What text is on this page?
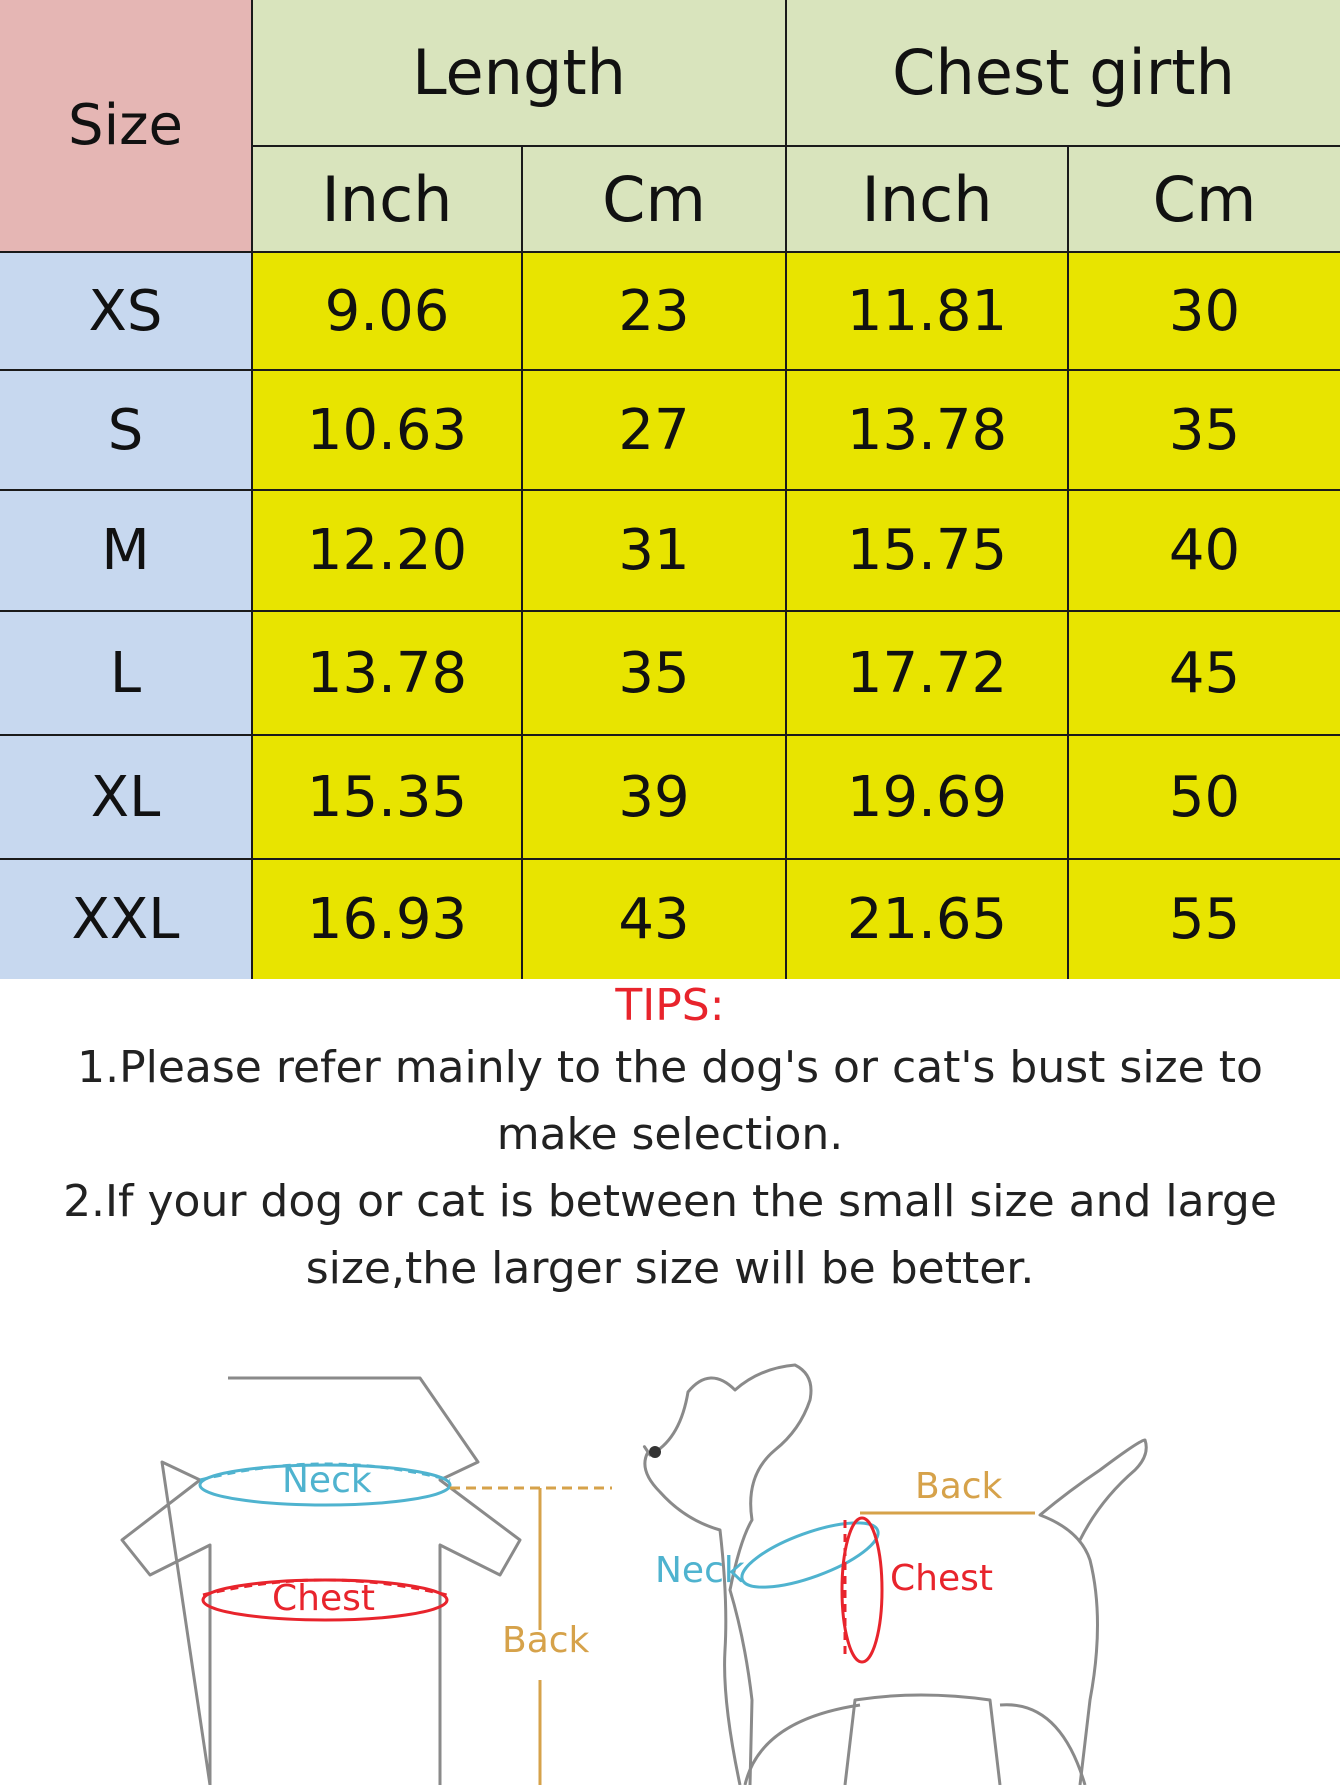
Size	Length		Chest girth	
	Inch	Cm	Inch	Cm
XS	9.06	23	11.81	30
S	10.63	27	13.78	35
M	12.20	31	15.75	40
L	13.78	35	17.72	45
XL	15.35	39	19.69	50
XXL	16.93	43	21.65	55
TIPS:
1.Please refer mainly to the dog's or cat's bust size to
make selection.
2.If your dog or cat is between the small size and large
size,the larger size will be better.
Neck
Chest
Back
Back
Neck	Chest
